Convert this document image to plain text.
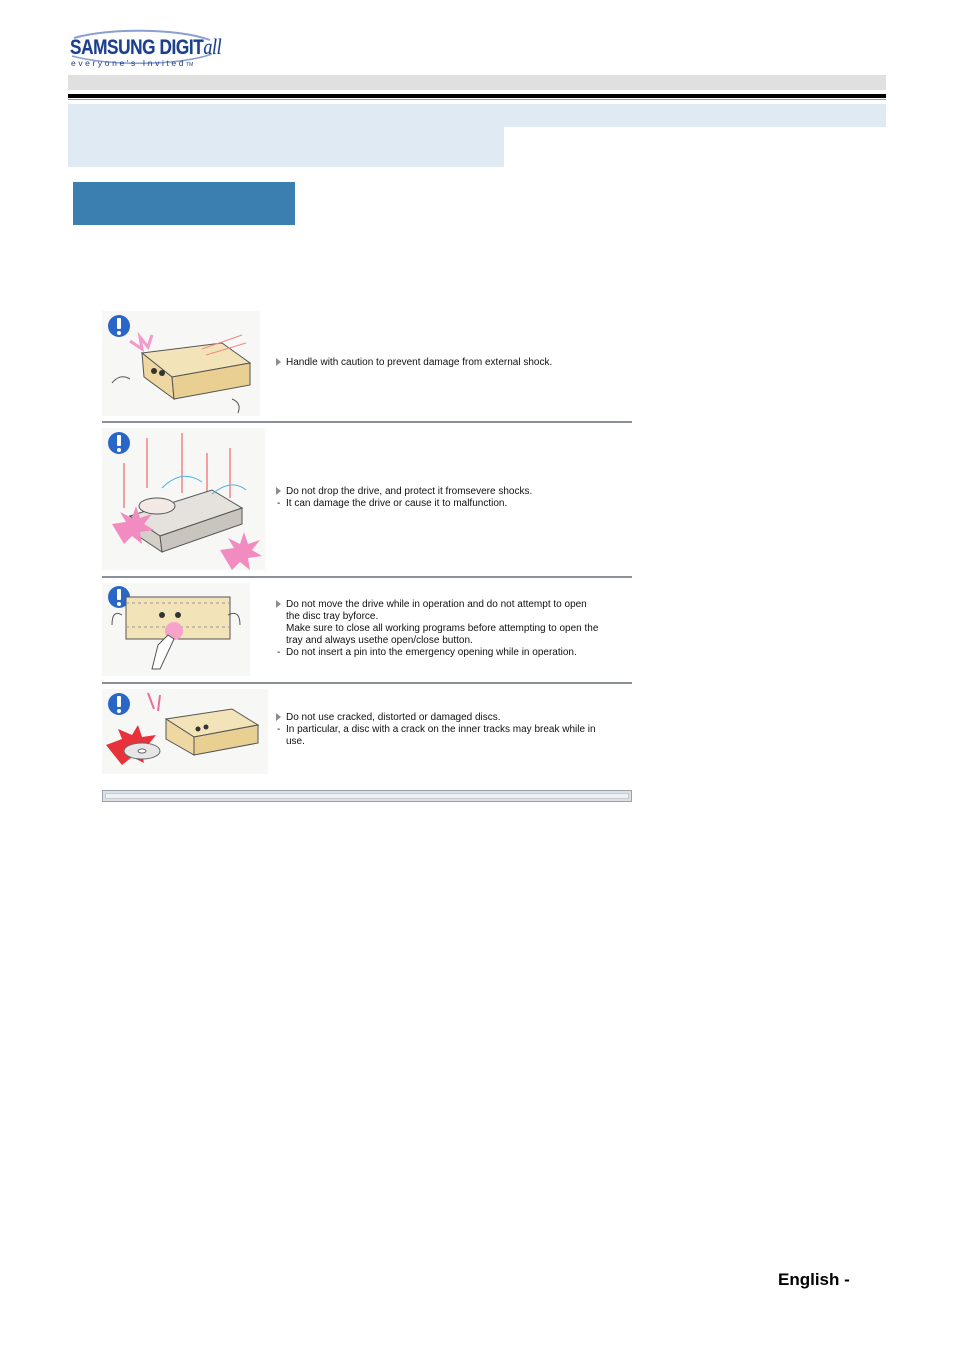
SAMSUNG DIGITall
everyone's InvitedTM
Handle with caution to prevent damage from external shock.
Do not drop the drive, and protect it fromsevere shocks.
- It can damage the drive or cause it to malfunction.
Do not move the drive while in operation and do not attempt to open
the disc tray byforce.
Make sure to close all working programs before attempting to open the
tray and always usethe open/close button.
- Do not insert a pin into the emergency opening while in operation.
Do not use cracked, distorted or damaged discs.
- In particular, a disc with a crack on the inner tracks may break while in
use.
English -
